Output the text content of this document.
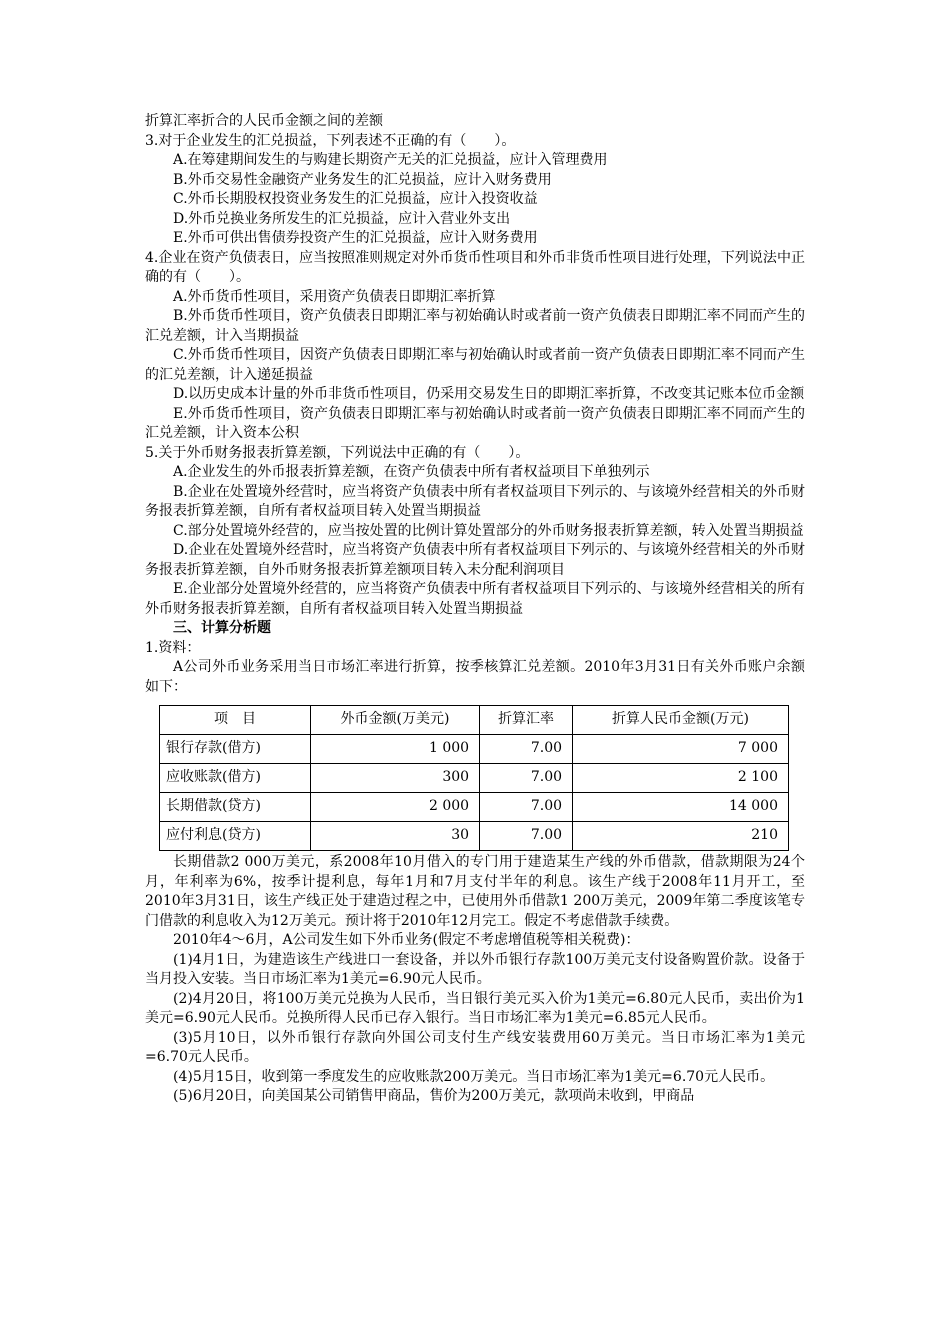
折算汇率折合的人民币金额之间的差额

3.对于企业发生的汇兑损益，下列表述不正确的有（　　）。

A.在筹建期间发生的与购建长期资产无关的汇兑损益，应计入管理费用

B.外币交易性金融资产业务发生的汇兑损益，应计入财务费用

C.外币长期股权投资业务发生的汇兑损益，应计入投资收益

D.外币兑换业务所发生的汇兑损益，应计入营业外支出

E.外币可供出售债券投资产生的汇兑损益，应计入财务费用

4.企业在资产负债表日，应当按照准则规定对外币货币性项目和外币非货币性项目进行处理，下列说法中正确的有（　　）。

A.外币货币性项目，采用资产负债表日即期汇率折算

B.外币货币性项目，资产负债表日即期汇率与初始确认时或者前一资产负债表日即期汇率不同而产生的汇兑差额，计入当期损益

C.外币货币性项目，因资产负债表日即期汇率与初始确认时或者前一资产负债表日即期汇率不同而产生的汇兑差额，计入递延损益

D.以历史成本计量的外币非货币性项目，仍采用交易发生日的即期汇率折算，不改变其记账本位币金额

E.外币货币性项目，资产负债表日即期汇率与初始确认时或者前一资产负债表日即期汇率不同而产生的汇兑差额，计入资本公积

5.关于外币财务报表折算差额，下列说法中正确的有（　　）。

A.企业发生的外币报表折算差额，在资产负债表中所有者权益项目下单独列示

B.企业在处置境外经营时，应当将资产负债表中所有者权益项目下列示的、与该境外经营相关的外币财务报表折算差额，自所有者权益项目转入处置当期损益

C.部分处置境外经营的，应当按处置的比例计算处置部分的外币财务报表折算差额，转入处置当期损益

D.企业在处置境外经营时，应当将资产负债表中所有者权益项目下列示的、与该境外经营相关的外币财务报表折算差额，自外币财务报表折算差额项目转入未分配利润项目

E.企业部分处置境外经营的，应当将资产负债表中所有者权益项目下列示的、与该境外经营相关的所有外币财务报表折算差额，自所有者权益项目转入处置当期损益

三、计算分析题

1.资料：

A公司外币业务采用当日市场汇率进行折算，按季核算汇兑差额。2010年3月31日有关外币账户余额如下：

项　目	外币金额(万美元)	折算汇率	折算人民币金额(万元)
银行存款(借方)	1 000	7.00	7 000
应收账款(借方)	300	7.00	2 100
长期借款(贷方)	2 000	7.00	14 000
应付利息(贷方)	30	7.00	210

长期借款2 000万美元，系2008年10月借入的专门用于建造某生产线的外币借款，借款期限为24个月，年利率为6%，按季计提利息，每年1月和7月支付半年的利息。该生产线于2008年11月开工，至2010年3月31日，该生产线正处于建造过程之中，已使用外币借款1 200万美元，2009年第二季度该笔专门借款的利息收入为12万美元。预计将于2010年12月完工。假定不考虑借款手续费。

2010年4～6月，A公司发生如下外币业务(假定不考虑增值税等相关税费)：

(1)4月1日，为建造该生产线进口一套设备，并以外币银行存款100万美元支付设备购置价款。设备于当月投入安装。当日市场汇率为1美元=6.90元人民币。

(2)4月20日，将100万美元兑换为人民币，当日银行美元买入价为1美元=6.80元人民币，卖出价为1美元=6.90元人民币。兑换所得人民币已存入银行。当日市场汇率为1美元=6.85元人民币。

(3)5月10日，以外币银行存款向外国公司支付生产线安装费用60万美元。当日市场汇率为1美元=6.70元人民币。

(4)5月15日，收到第一季度发生的应收账款200万美元。当日市场汇率为1美元=6.70元人民币。

(5)6月20日，向美国某公司销售甲商品，售价为200万美元，款项尚未收到，甲商品
